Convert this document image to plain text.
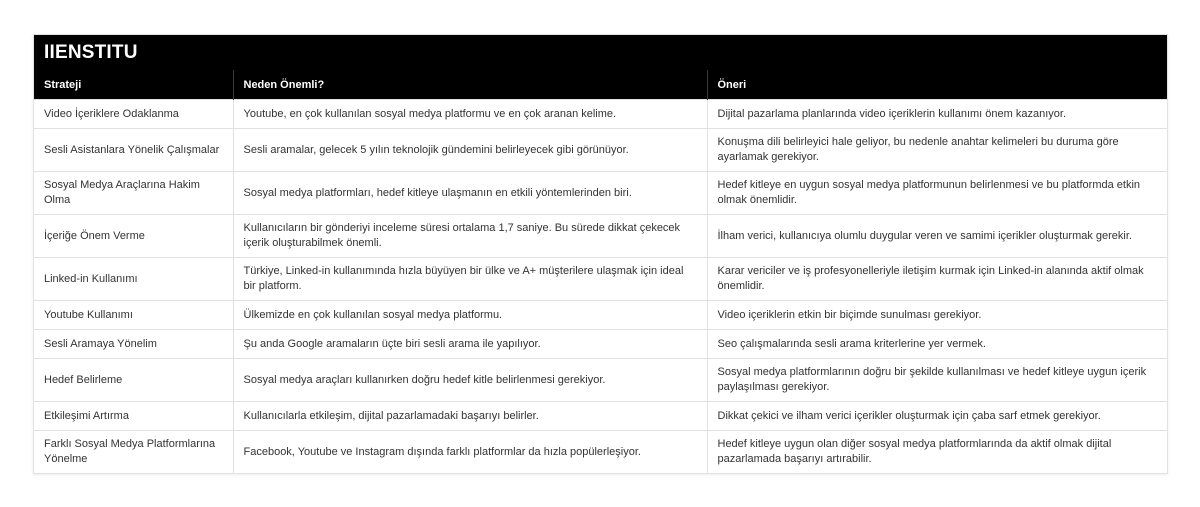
IIENSTITU
Strateji	Neden Önemli?	Öneri
Video İçeriklere Odaklanma	Youtube, en çok kullanılan sosyal medya platformu ve en çok aranan kelime.	Dijital pazarlama planlarında video içeriklerin kullanımı önem kazanıyor.
Sesli Asistanlara Yönelik Çalışmalar	Sesli aramalar, gelecek 5 yılın teknolojik gündemini belirleyecek gibi görünüyor.	Konuşma dili belirleyici hale geliyor, bu nedenle anahtar kelimeleri bu duruma göre ayarlamak gerekiyor.
Sosyal Medya Araçlarına Hakim Olma	Sosyal medya platformları, hedef kitleye ulaşmanın en etkili yöntemlerinden biri.	Hedef kitleye en uygun sosyal medya platformunun belirlenmesi ve bu platformda etkin olmak önemlidir.
İçeriğe Önem Verme	Kullanıcıların bir gönderiyi inceleme süresi ortalama 1,7 saniye. Bu sürede dikkat çekecek içerik oluşturabilmek önemli.	İlham verici, kullanıcıya olumlu duygular veren ve samimi içerikler oluşturmak gerekir.
Linked-in Kullanımı	Türkiye, Linked-in kullanımında hızla büyüyen bir ülke ve A+ müşterilere ulaşmak için ideal bir platform.	Karar vericiler ve iş profesyonelleriyle iletişim kurmak için Linked-in alanında aktif olmak önemlidir.
Youtube Kullanımı	Ülkemizde en çok kullanılan sosyal medya platformu.	Video içeriklerin etkin bir biçimde sunulması gerekiyor.
Sesli Aramaya Yönelim	Şu anda Google aramaların üçte biri sesli arama ile yapılıyor.	Seo çalışmalarında sesli arama kriterlerine yer vermek.
Hedef Belirleme	Sosyal medya araçları kullanırken doğru hedef kitle belirlenmesi gerekiyor.	Sosyal medya platformlarının doğru bir şekilde kullanılması ve hedef kitleye uygun içerik paylaşılması gerekiyor.
Etkileşimi Artırma	Kullanıcılarla etkileşim, dijital pazarlamadaki başarıyı belirler.	Dikkat çekici ve ilham verici içerikler oluşturmak için çaba sarf etmek gerekiyor.
Farklı Sosyal Medya Platformlarına Yönelme	Facebook, Youtube ve Instagram dışında farklı platformlar da hızla popülerleşiyor.	Hedef kitleye uygun olan diğer sosyal medya platformlarında da aktif olmak dijital pazarlamada başarıyı artırabilir.
